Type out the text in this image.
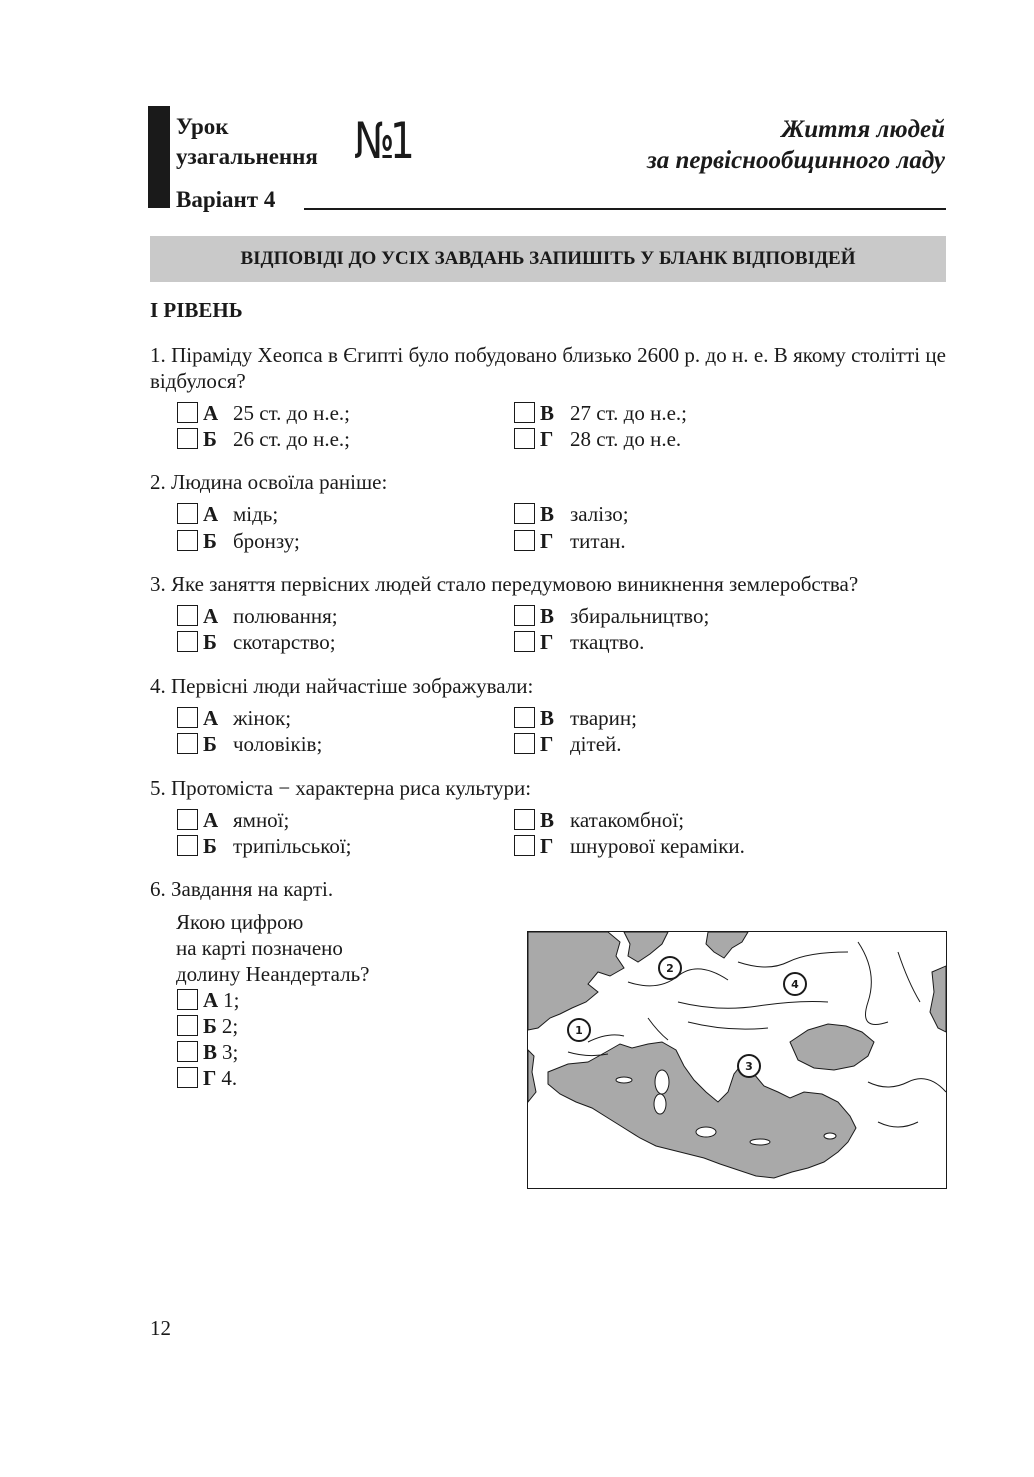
Урок
узагальнення №1
Варіант 4
Життя людей
за первіснообщинного ладу
ВІДПОВІДІ ДО УСІХ ЗАВДАНЬ ЗАПИШІТЬ У БЛАНК ВІДПОВІДЕЙ
І РІВЕНЬ
1. Піраміду Хеопса в Єгипті було побудовано близько 2600 р. до н. е. В якому столітті це відбулося?
А 25 ст. до н.е.;
Б 26 ст. до н.е.;
В 27 ст. до н.е.;
Г 28 ст. до н.е.
2. Людина освоїла раніше:
А мідь;
Б бронзу;
В залізо;
Г титан.
3. Яке заняття первісних людей стало передумовою виникнення землеробства?
А полювання;
Б скотарство;
В збиральництво;
Г ткацтво.
4. Первісні люди найчастіше зображували:
А жінок;
Б чоловіків;
В тварин;
Г дітей.
5. Протоміста − характерна риса культури:
А ямної;
Б трипільської;
В катакомбної;
Г шнурової кераміки.
6. Завдання на карті.
Якою цифрою
на карті позначено
долину Неандерталь?
А 1;
Б 2;
В 3;
Г 4.
1
2
3
4
12
